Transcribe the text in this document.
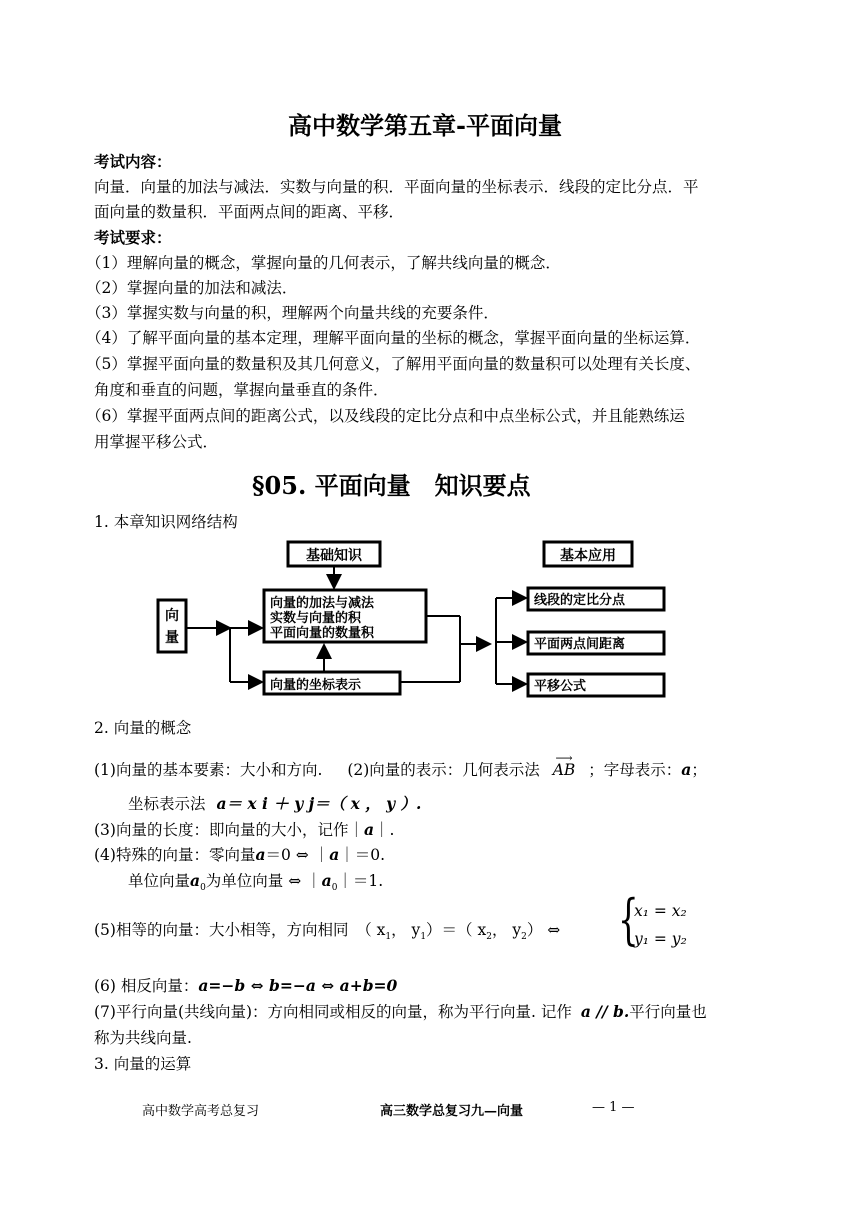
高中数学第五章-平面向量
考试内容：
向量．向量的加法与减法．实数与向量的积．平面向量的坐标表示．线段的定比分点．平
面向量的数量积．平面两点间的距离、平移．
考试要求：
（1）理解向量的概念，掌握向量的几何表示，了解共线向量的概念．
（2）掌握向量的加法和减法．
（3）掌握实数与向量的积，理解两个向量共线的充要条件．
（4）了解平面向量的基本定理，理解平面向量的坐标的概念，掌握平面向量的坐标运算．
（5）掌握平面向量的数量积及其几何意义，了解用平面向量的数量积可以处理有关长度、
角度和垂直的问题，掌握向量垂直的条件．
（6）掌握平面两点间的距离公式，以及线段的定比分点和中点坐标公式，并且能熟练运
用掌握平移公式．
§05. 平面向量　知识要点
1. 本章知识网络结构
向
量
基础知识
向量的加法与减法
实数与向量的积
平面向量的数量积
向量的坐标表示
基本应用
线段的定比分点
平面两点间距离
平移公式
2. 向量的概念
(1)向量的基本要素：大小和方向. (2)向量的表示：几何表示法
⟶
AB ；字母表示：a；
坐标表示法 a＝ x i ＋ y j＝（ x ， y ）.
(3)向量的长度：即向量的大小，记作｜a｜.
(4)特殊的向量：零向量a＝0 ⇔ ｜a｜＝0.
单位向量$a_0$为单位向量 ⇔ $|a_0|=1$.
(5)相等的向量：大小相等，方向相同　（ $x_1$， $y_1)=$（ $x_2$， $y_2$） ⇔ {
x₁ = x₂
y₁ = y₂
(6) 相反向量：a=−b ⇔ b=−a ⇔ a+b=0
(7)平行向量(共线向量)：方向相同或相反的向量，称为平行向量. 记作 a // b.平行向量也
称为共线向量.
3. 向量的运算
高中数学高考总复习	高三数学总复习九—向量	— 1 —
